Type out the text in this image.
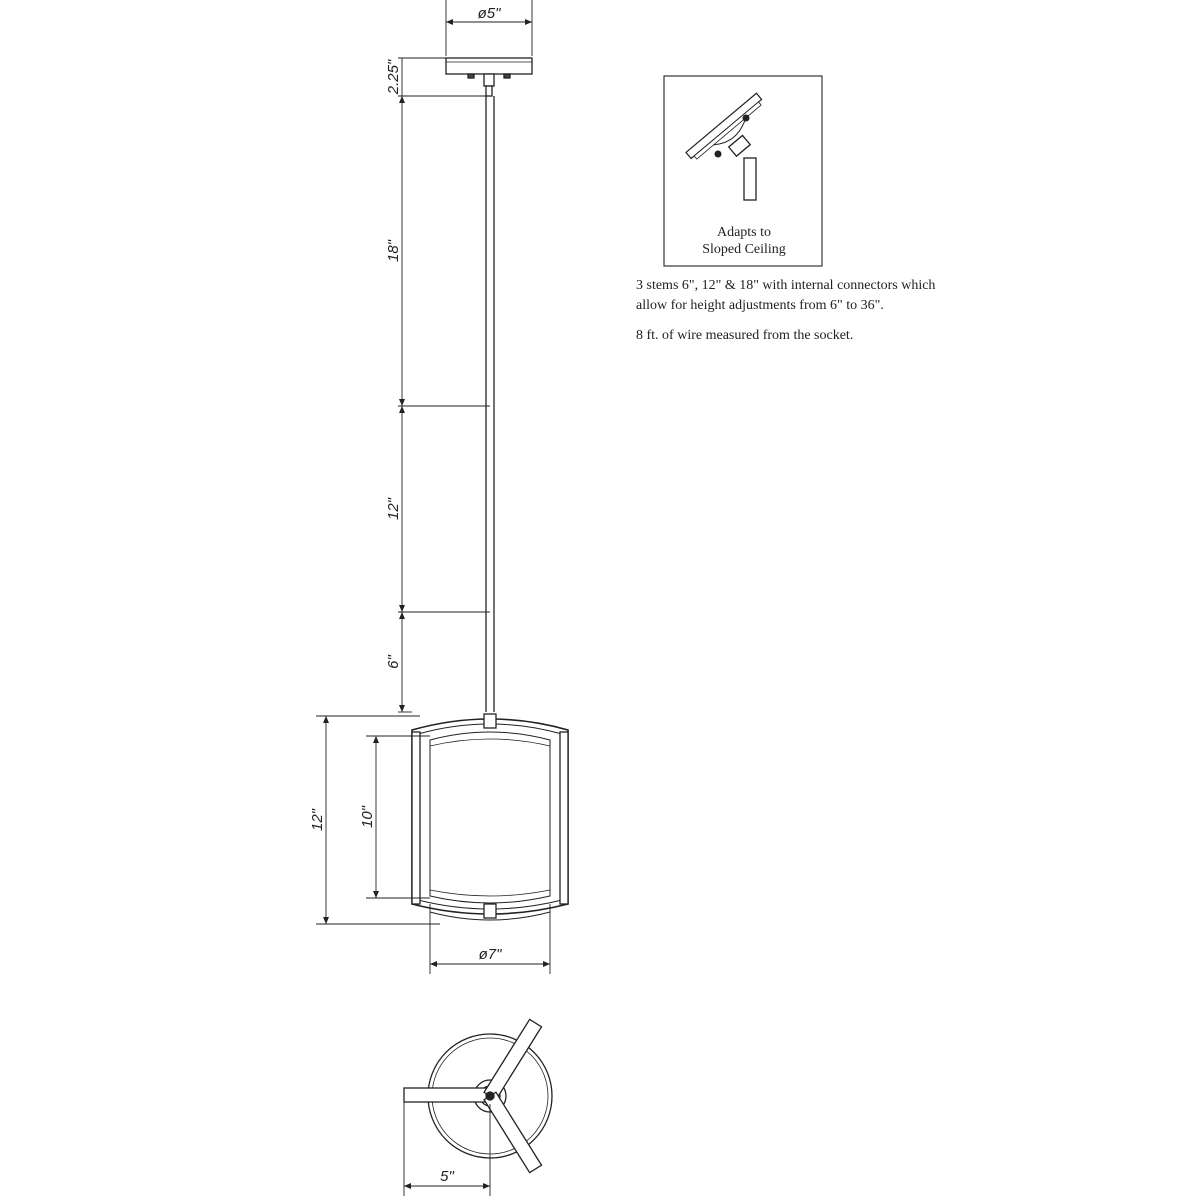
ø5"
2.25"
18"
12"
6"
12" 10"
ø7"
5"
Adapts to
Sloped Ceiling

3 stems 6", 12" & 18" with internal connectors which allow for height adjustments from 6" to 36".

8 ft. of wire measured from the socket.
